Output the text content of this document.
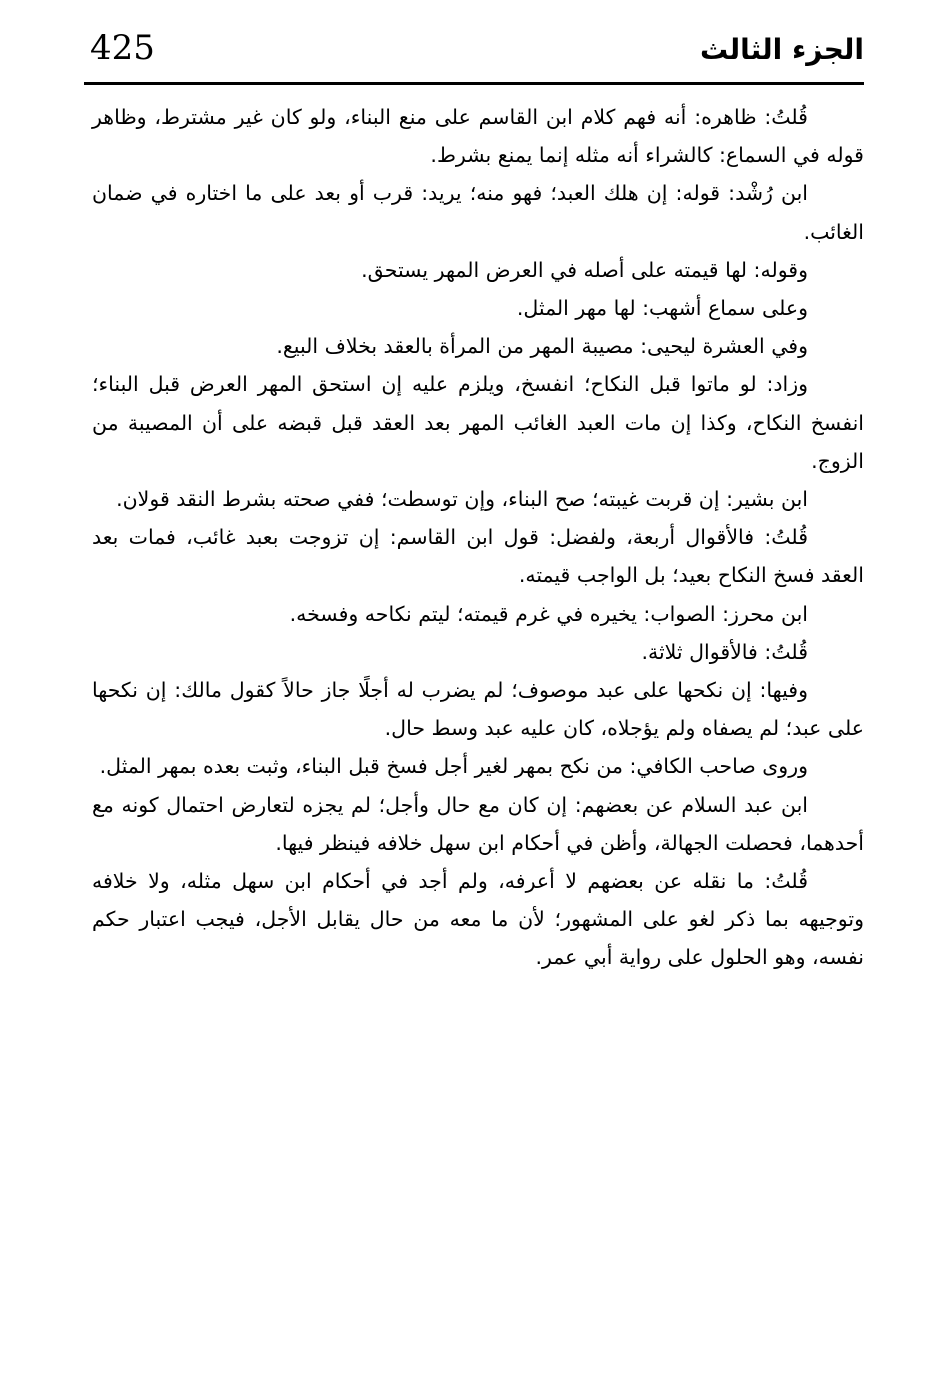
425	الجزء الثالث

قُلتُ: ظاهره: أنه فهم كلام ابن القاسم على منع البناء، ولو كان غير مشترط، وظاهر قوله في السماع: كالشراء أنه مثله إنما يمنع بشرط.

ابن رُشْد: قوله: إن هلك العبد؛ فهو منه؛ يريد: قرب أو بعد على ما اختاره في ضمان الغائب.

وقوله: لها قيمته على أصله في العرض المهر يستحق.

وعلى سماع أشهب: لها مهر المثل.

وفي العشرة ليحيى: مصيبة المهر من المرأة بالعقد بخلاف البيع.

وزاد: لو ماتوا قبل النكاح؛ انفسخ، ويلزم عليه إن استحق المهر العرض قبل البناء؛ انفسخ النكاح، وكذا إن مات العبد الغائب المهر بعد العقد قبل قبضه على أن المصيبة من الزوج.

ابن بشير: إن قربت غيبته؛ صح البناء، وإن توسطت؛ ففي صحته بشرط النقد قولان.

قُلتُ: فالأقوال أربعة، ولفضل: قول ابن القاسم: إن تزوجت بعبد غائب، فمات بعد العقد فسخ النكاح بعيد؛ بل الواجب قيمته.

ابن محرز: الصواب: يخيره في غرم قيمته؛ ليتم نكاحه وفسخه.

قُلتُ: فالأقوال ثلاثة.

وفيها: إن نكحها على عبد موصوف؛ لم يضرب له أجلًا جاز حالاً كقول مالك: إن نكحها على عبد؛ لم يصفاه ولم يؤجلاه، كان عليه عبد وسط حال.

وروى صاحب الكافي: من نكح بمهر لغير أجل فسخ قبل البناء، وثبت بعده بمهر المثل.

ابن عبد السلام عن بعضهم: إن كان مع حال وأجل؛ لم يجزه لتعارض احتمال كونه مع أحدهما، فحصلت الجهالة، وأظن في أحكام ابن سهل خلافه فينظر فيها.

قُلتُ: ما نقله عن بعضهم لا أعرفه، ولم أجد في أحكام ابن سهل مثله، ولا خلافه وتوجيهه بما ذكر لغو على المشهور؛ لأن ما معه من حال يقابل الأجل، فيجب اعتبار حكم نفسه، وهو الحلول على رواية أبي عمر.
